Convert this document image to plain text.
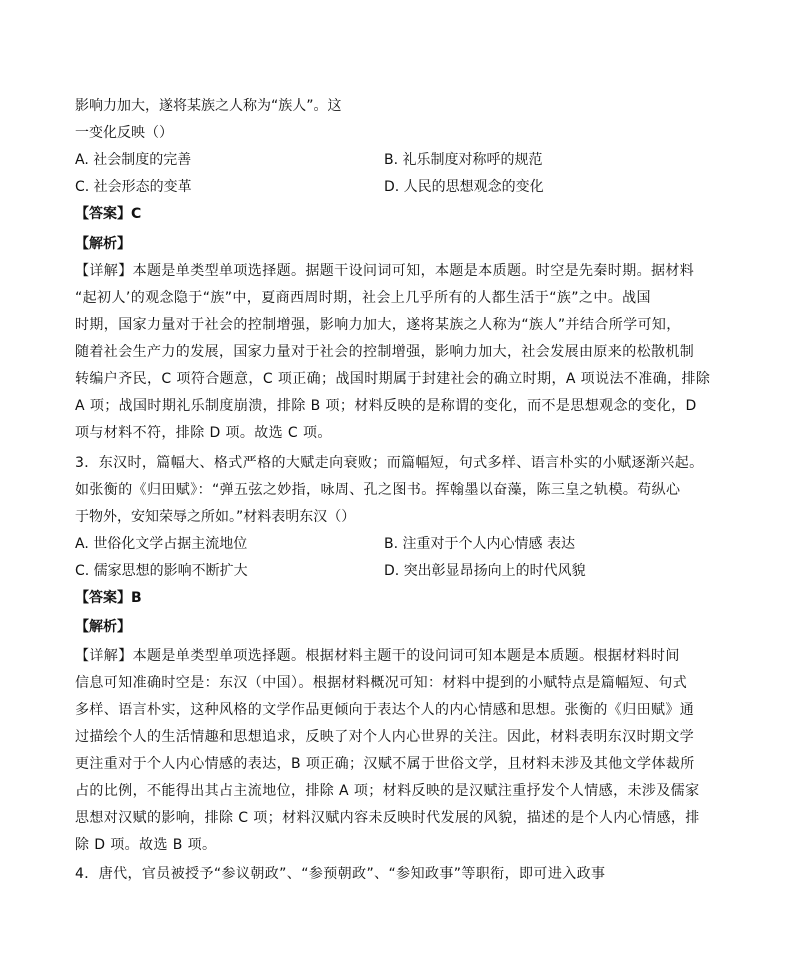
影响力加大，遂将某族之人称为“族人”。这
一变化反映（）
A. 社会制度的完善	B. 礼乐制度对称呼的规范
C. 社会形态的变革	D. 人民的思想观念的变化
【答案】C
【解析】
【详解】本题是单类型单项选择题。据题干设问词可知，本题是本质题。时空是先秦时期。据材料
“起初人’的观念隐于“族”中，夏商西周时期，社会上几乎所有的人都生活于“族”之中。战国
时期，国家力量对于社会的控制增强，影响力加大，遂将某族之人称为“族人”并结合所学可知，
随着社会生产力的发展，国家力量对于社会的控制增强，影响力加大，社会发展由原来的松散机制
转编户齐民，C 项符合题意，C 项正确；战国时期属于封建社会的确立时期，A 项说法不准确，排除
A 项；战国时期礼乐制度崩溃，排除 B 项；材料反映的是称谓的变化，而不是思想观念的变化，D
项与材料不符，排除 D 项。故选 C 项。
3．东汉时，篇幅大、格式严格的大赋走向衰败；而篇幅短，句式多样、语言朴实的小赋逐渐兴起。
如张衡的《归田赋》：“弹五弦之妙指，咏周、孔之图书。挥翰墨以奋藻，陈三皇之轨模。苟纵心
于物外，安知荣辱之所如。”材料表明东汉（）
A. 世俗化文学占据主流地位	B. 注重对于个人内心情感 表达
C. 儒家思想的影响不断扩大	D. 突出彰显昂扬向上的时代风貌
【答案】B
【解析】
【详解】本题是单类型单项选择题。根据材料主题干的设问词可知本题是本质题。根据材料时间
信息可知准确时空是：东汉（中国）。根据材料概况可知：材料中提到的小赋特点是篇幅短、句式
多样、语言朴实，这种风格的文学作品更倾向于表达个人的内心情感和思想。张衡的《归田赋》通
过描绘个人的生活情趣和思想追求，反映了对个人内心世界的关注。因此，材料表明东汉时期文学
更注重对于个人内心情感的表达，B 项正确；汉赋不属于世俗文学，且材料未涉及其他文学体裁所
占的比例，不能得出其占主流地位，排除 A 项；材料反映的是汉赋注重抒发个人情感，未涉及儒家
思想对汉赋的影响，排除 C 项；材料汉赋内容未反映时代发展的风貌，描述的是个人内心情感，排
除 D 项。故选 B 项。
4．唐代，官员被授予“参议朝政”、“参预朝政”、“参知政事”等职衔，即可进入政事
